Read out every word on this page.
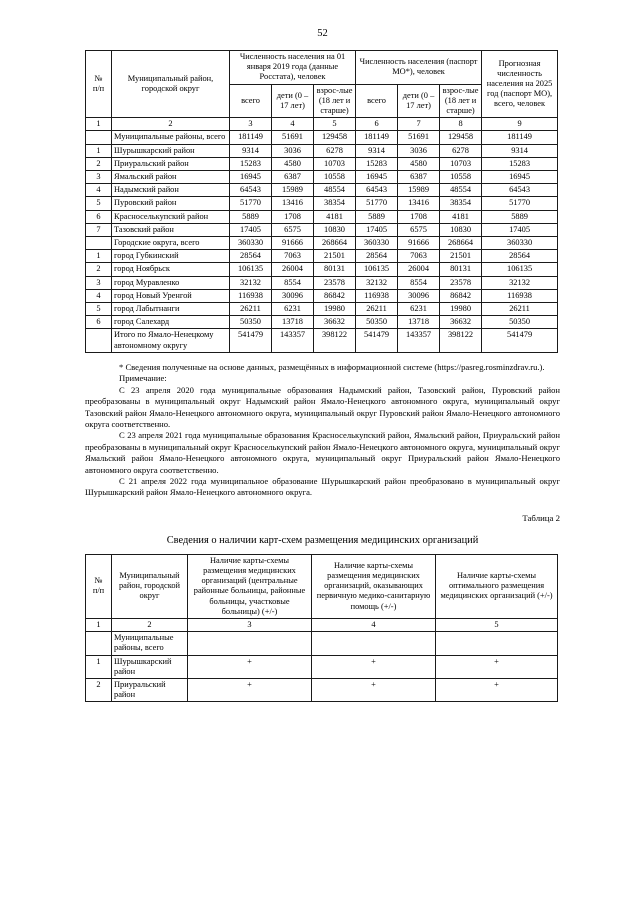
52
№
п/п	Муниципальный район, городской округ	Численность населения на 01 января 2019 года (данные Росстата), человек			Численность населения (паспорт МО*), человек			Прогнозная численность населения на 2025 год (паспорт МО), всего, человек
		всего	дети (0 – 17 лет)	взрос-лые (18 лет и старше)	всего	дети (0 – 17 лет)	взрос-лые (18 лет и старше)	
1	2	3	4	5	6	7	8	9
	Муниципальные районы, всего	181149	51691	129458	181149	51691	129458	181149
1	Шурышкарский район	9314	3036	6278	9314	3036	6278	9314
2	Приуральский район	15283	4580	10703	15283	4580	10703	15283
3	Ямальский район	16945	6387	10558	16945	6387	10558	16945
4	Надымский район	64543	15989	48554	64543	15989	48554	64543
5	Пуровский район	51770	13416	38354	51770	13416	38354	51770
6	Красноселькупский район	5889	1708	4181	5889	1708	4181	5889
7	Тазовский район	17405	6575	10830	17405	6575	10830	17405
	Городские округа, всего	360330	91666	268664	360330	91666	268664	360330
1	город Губкинский	28564	7063	21501	28564	7063	21501	28564
2	город Ноябрьск	106135	26004	80131	106135	26004	80131	106135
3	город Муравленко	32132	8554	23578	32132	8554	23578	32132
4	город Новый Уренгой	116938	30096	86842	116938	30096	86842	116938
5	город Лабытнанги	26211	6231	19980	26211	6231	19980	26211
6	город Салехард	50350	13718	36632	50350	13718	36632	50350
	Итого по Ямало-Ненецкому автономному округу	541479	143357	398122	541479	143357	398122	541479

* Сведения полученные на основе данных, размещённых в информационной системе (https://pasreg.rosminzdrav.ru.).

Примечание:

С 23 апреля 2020 года муниципальные образования Надымский район, Тазовский район, Пуровский район преобразованы в муниципальный округ Надымский район Ямало-Ненецкого автономного округа, муниципальный округ Тазовский район Ямало-Ненецкого автономного округа, муниципальный округ Пуровский район Ямало-Ненецкого автономного округа соответственно.

С 23 апреля 2021 года муниципальные образования Красноселькупский район, Ямальский район, Приуральский район преобразованы в муниципальный округ Красноселькупский район Ямало-Ненецкого автономного округа, муниципальный округ Ямальский район Ямало-Ненецкого автономного округа, муниципальный округ Приуральский район Ямало-Ненецкого автономного округа соответственно.

С 21 апреля 2022 года муниципальное образование Шурышкарский район преобразовано в муниципальный округ Шурышкарский район Ямало-Ненецкого автономного округа.

Таблица 2
Сведения о наличии карт-схем размещения медицинских организаций
№
п/п	Муниципальный район, городской округ	Наличие карты-схемы размещения медицинских организаций (центральные районные больницы, районные больницы, участковые больницы) (+/-)	Наличие карты-схемы размещения медицинских организаций, оказывающих первичную медико-санитарную помощь (+/-)	Наличие карты-схемы оптимального размещения медицинских организаций (+/-)
1	2	3	4	5
	Муниципальные районы, всего			
1	Шурышкарский район	+	+	+
2	Приуральский район	+	+	+
